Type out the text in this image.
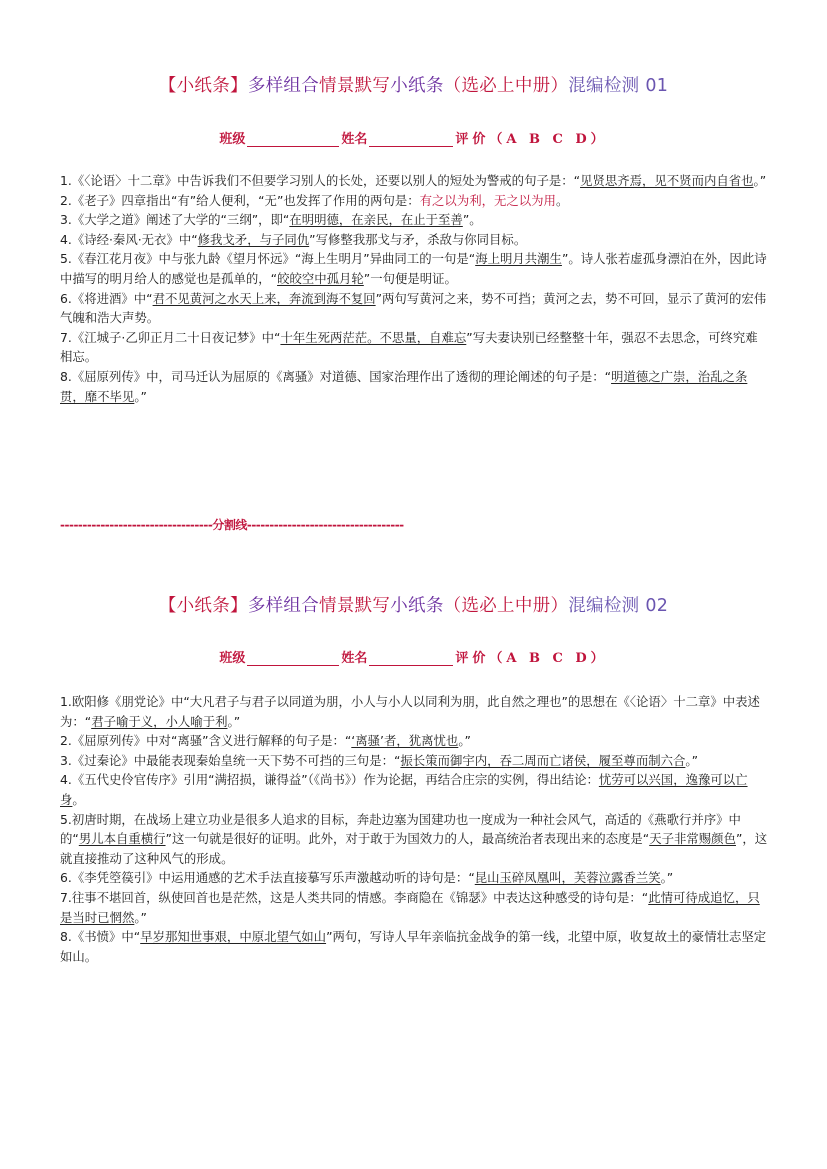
【小纸条】多样组合情景默写小纸条（选必上中册）混编检测 01
班级	姓名	评价（A B C D）

1.《〈论语〉十二章》中告诉我们不但要学习别人的长处，还要以别人的短处为警戒的句子是：“见贤思齐焉，见不贤而内自省也。”

2.《老子》四章指出“有”给人便利，“无”也发挥了作用的两句是：有之以为利，无之以为用。

3.《大学之道》阐述了大学的“三纲”，即“在明明德，在亲民，在止于至善”。

4.《诗经·秦风·无衣》中“修我戈矛，与子同仇”写修整我那戈与矛，杀敌与你同目标。

5.《春江花月夜》中与张九龄《望月怀远》“海上生明月”异曲同工的一句是“海上明月共潮生”。诗人张若虚孤身漂泊在外，因此诗中描写的明月给人的感觉也是孤单的，“皎皎空中孤月轮”一句便是明证。

6.《将进酒》中“君不见黄河之水天上来，奔流到海不复回”两句写黄河之来，势不可挡；黄河之去，势不可回，显示了黄河的宏伟气魄和浩大声势。

7.《江城子·乙卯正月二十日夜记梦》中“十年生死两茫茫。不思量，自难忘”写夫妻诀别已经整整十年，强忍不去思念，可终究难相忘。

8.《屈原列传》中，司马迁认为屈原的《离骚》对道德、国家治理作出了透彻的理论阐述的句子是：“明道德之广崇，治乱之条贯，靡不毕见。”

----------------------------------分割线-----------------------------------
【小纸条】多样组合情景默写小纸条（选必上中册）混编检测 02
班级	姓名	评价（A B C D）

1.欧阳修《朋党论》中“大凡君子与君子以同道为朋，小人与小人以同利为朋，此自然之理也”的思想在《〈论语〉十二章》中表述为：“君子喻于义，小人喻于利。”

2.《屈原列传》中对“离骚”含义进行解释的句子是：“‘离骚’者，犹离忧也。”

3.《过秦论》中最能表现秦始皇统一天下势不可挡的三句是：“振长策而御宇内，吞二周而亡诸侯，履至尊而制六合。”

4.《五代史伶官传序》引用“满招损，谦得益”（《尚书》）作为论据，再结合庄宗的实例，得出结论：忧劳可以兴国，逸豫可以亡身。

5.初唐时期，在战场上建立功业是很多人追求的目标，奔赴边塞为国建功也一度成为一种社会风气，高适的《燕歌行并序》中的“男儿本自重横行”这一句就是很好的证明。此外，对于敢于为国效力的人，最高统治者表现出来的态度是“天子非常赐颜色”，这就直接推动了这种风气的形成。

6.《李凭箜篌引》中运用通感的艺术手法直接摹写乐声激越动听的诗句是：“昆山玉碎凤凰叫，芙蓉泣露香兰笑。”

7.往事不堪回首，纵使回首也是茫然，这是人类共同的情感。李商隐在《锦瑟》中表达这种感受的诗句是：“此情可待成追忆，只是当时已惘然。”

8.《书愤》中“早岁那知世事艰，中原北望气如山”两句，写诗人早年亲临抗金战争的第一线，北望中原，收复故土的豪情壮志坚定如山。
